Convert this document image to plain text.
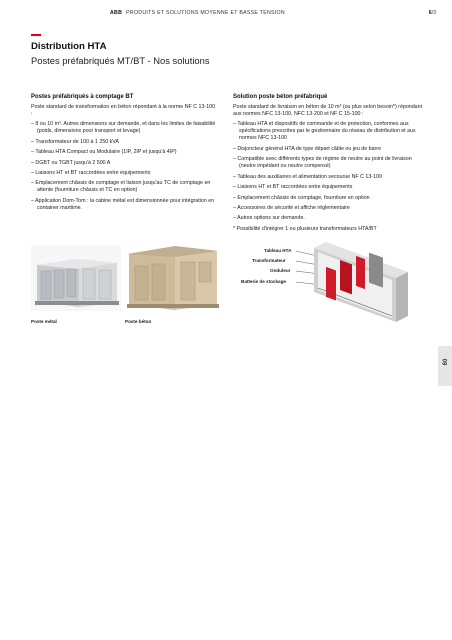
ABB PRODUITS ET SOLUTIONS MOYENNE ET BASSE TENSION	6/3
Distribution HTA
Postes préfabriqués MT/BT - Nos solutions
Postes préfabriqués à comptage BT

Poste standard de transformation en béton répondant à la norme NF C 13-100 :

– 8 ou 10 m³. Autres dimensions sur demande, et dans les limites de faisabilité (poids, dimensions pour transport et levage)
– Transformateur de 100 à 1 250 kVA
– Tableau HTA Compact ou Modulaire (1IP, 2IP et jusqu'à 4IP)
– DGBT ou TGBT jusqu'à 2 500 A
– Liaisons HT et BT raccordées entre équipements
– Emplacement châssis de comptage et liaison jusqu'au TC de comptage en attente (fourniture châssis et TC en option)
– Application Dom-Tom : la cabine métal est dimensionnée pour intégration en container maritime.
Solution poste béton préfabriqué

Poste standard de livraison en béton de 10 m³ (ou plus selon besoin*) répondant aux normes NFC 13-100, NFC 13-200 et NF C 15-100 :

– Tableau HTA et dispositifs de commande et de protection, conformes aux spécifications prescrites par le gestionnaire du réseau de distribution et aux normes NFC 13-100
– Disjoncteur général HTA de type départ câble ou jeu de barre
– Compatible avec différents types de régime de neutre au point de livraison (neutre impédant ou neutre compensé)
– Tableau des auxiliaires et alimentation secourue NF C 13-100
– Liaisons HT et BT raccordées entre équipements
– Emplacement châssis de comptage, fourniture en option
– Accessoires de sécurité et affiche réglementaire
– Autres options sur demande.
* Possibilité d'intégrer 1 ou plusieurs transformateurs HTA/BT
Poste métal	Poste béton
Tableau HTA
Transformateur
Onduleur
Batterie de stockage
09
